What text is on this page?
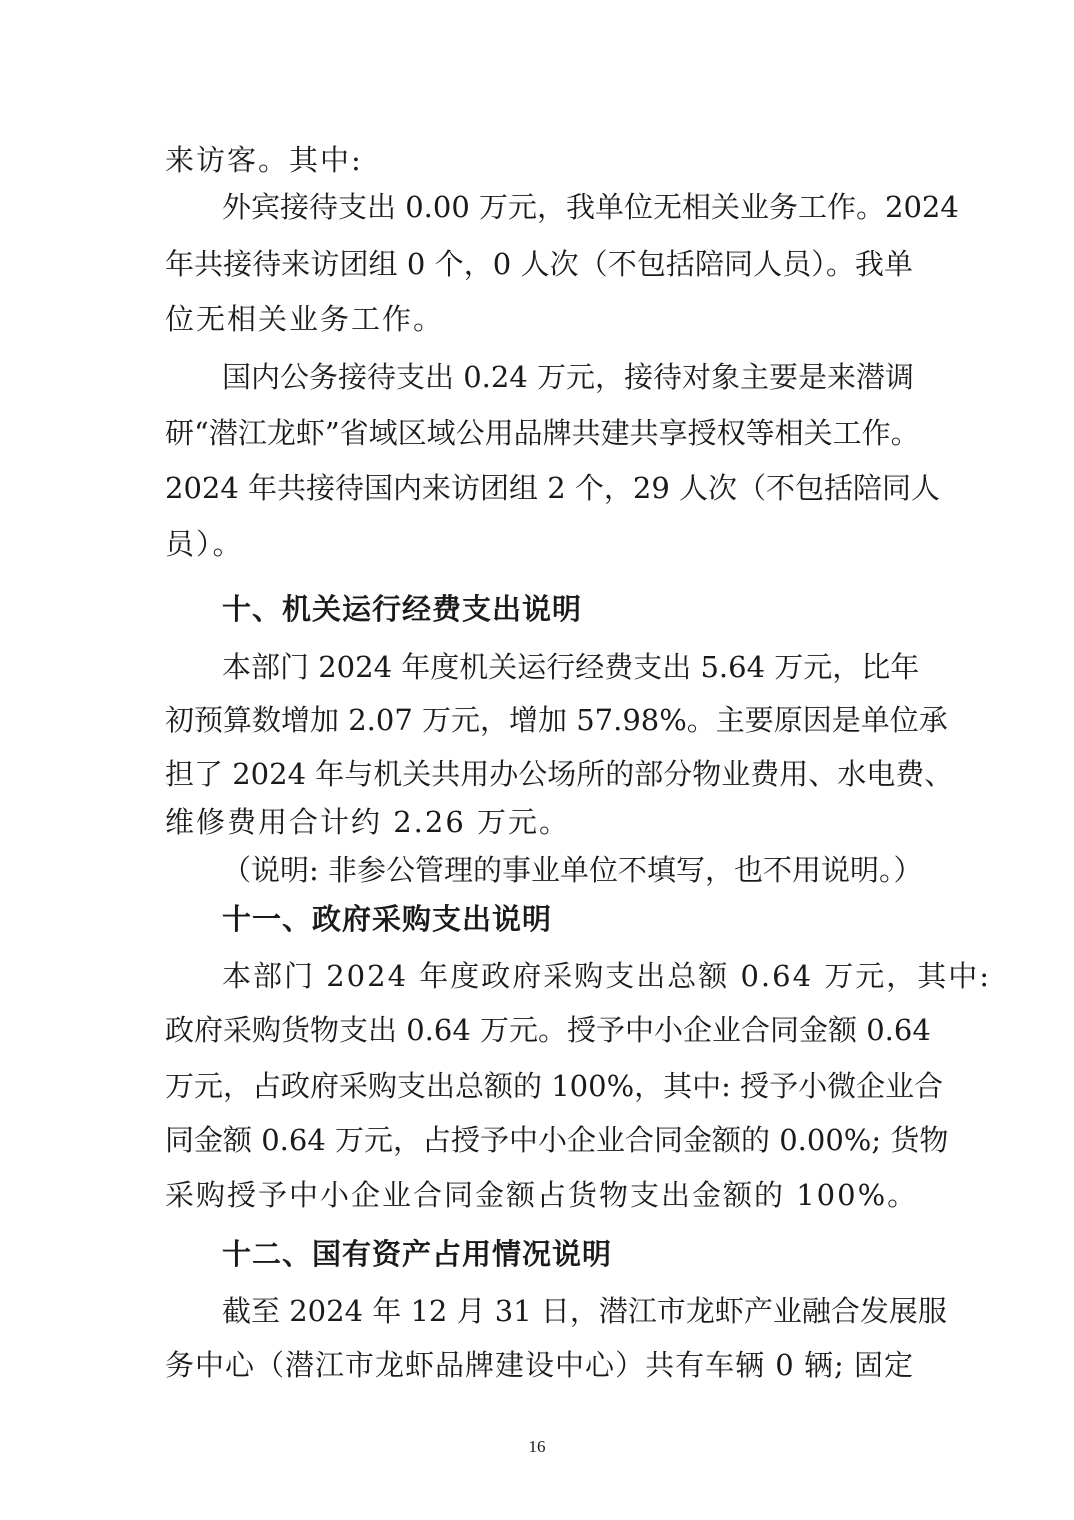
来访客。其中:
外宾接待支出 0.00 万元，我单位无相关业务工作。2024
年共接待来访团组 0 个，0 人次（不包括陪同人员）。我单
位无相关业务工作。
国内公务接待支出 0.24 万元，接待对象主要是来潜调
研“潜江龙虾”省域区域公用品牌共建共享授权等相关工作。
2024 年共接待国内来访团组 2 个，29 人次（不包括陪同人
员）。
十、机关运行经费支出说明
本部门 2024 年度机关运行经费支出 5.64 万元，比年
初预算数增加 2.07 万元，增加 57.98%。主要原因是单位承
担了 2024 年与机关共用办公场所的部分物业费用、水电费、
维修费用合计约 2.26 万元。
（说明: 非参公管理的事业单位不填写，也不用说明。）
十一、政府采购支出说明
本部门 2024 年度政府采购支出总额 0.64 万元，其中:
政府采购货物支出 0.64 万元。授予中小企业合同金额 0.64
万元，占政府采购支出总额的 100%，其中: 授予小微企业合
同金额 0.64 万元，占授予中小企业合同金额的 0.00%; 货物
采购授予中小企业合同金额占货物支出金额的 100%。
十二、国有资产占用情况说明
截至 2024 年 12 月 31 日，潜江市龙虾产业融合发展服
务中心（潜江市龙虾品牌建设中心）共有车辆 0 辆; 固定
16
